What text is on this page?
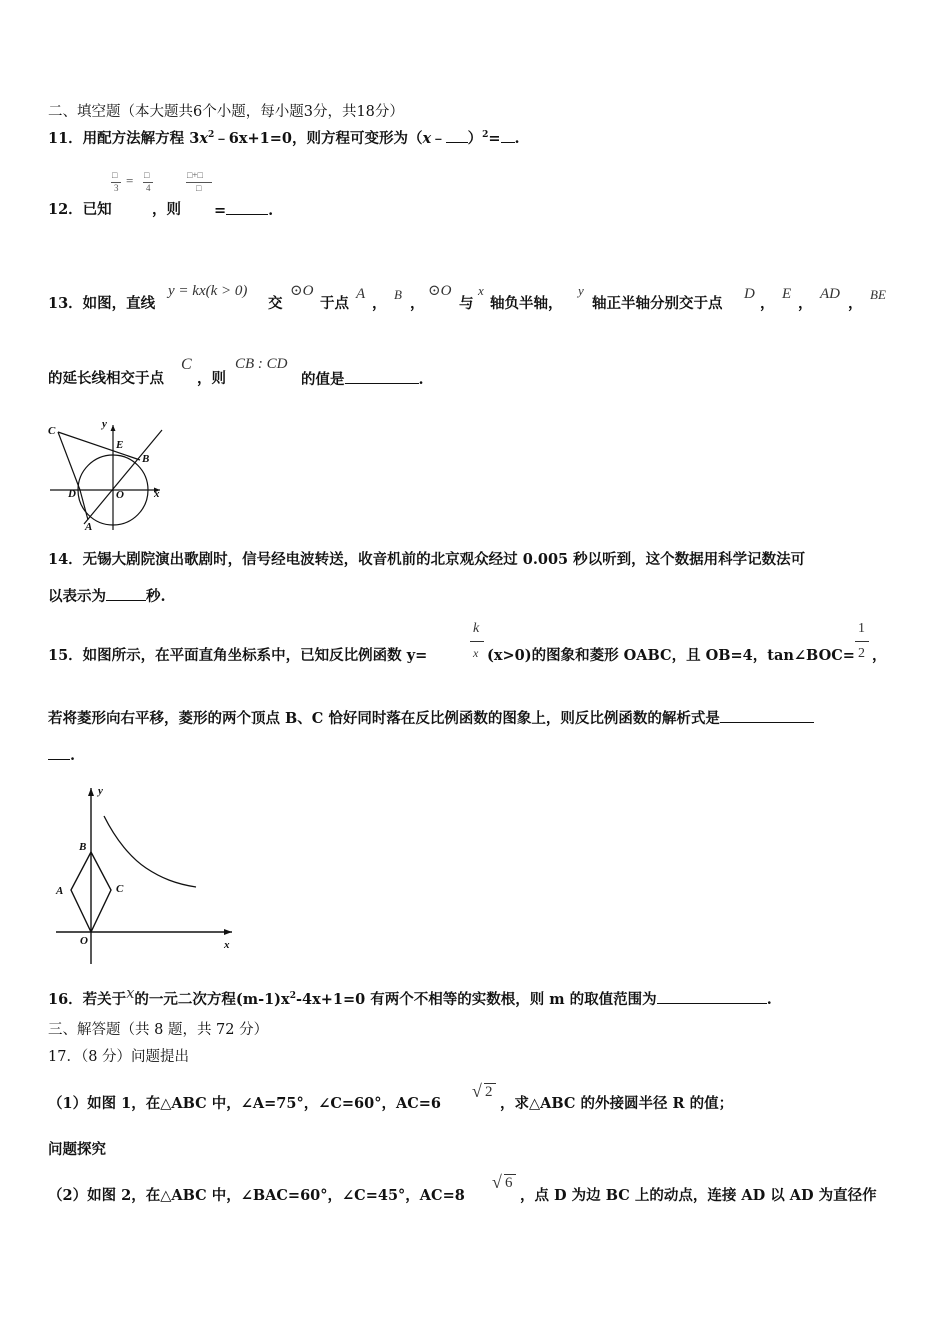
二、填空题（本大题共6个小题，每小题3分，共18分）
11．用配方法解方程 $3x^2﹣6x+1=0$，则方程可变形为（x﹣ ）$^2$= .
□
3 = □
4
□+□
□
12．已知	，则 =	.
13．如图，直线
y = kx(k > 0)
交
⊙O
于点
A
，
B
，
⊙O
与
x
轴负半轴，
y
轴正半轴分别交于点
D
，
E
，
AD
，
BE
的延长线相交于点
C
，则
CB : CD
的值是	.
C
y
E
B
D	O	x
A
14．无锡大剧院演出歌剧时，信号经电波转送，收音机前的北京观众经过 0.005 秒以听到，这个数据用科学记数法可
以表示为	秒.
15．如图所示，在平面直角坐标系中，已知反比例函数 y=
k
x (x>0)的图象和菱形 OABC，且 OB=4，tan∠BOC=
1
2 ，
若将菱形向右平移，菱形的两个顶点 B、C 恰好同时落在反比例函数的图象上，则反比例函数的解析式是
.
y
B
A	C
O	x
16．若关于x的一元二次方程$(m-1)x^2-4x+1=0$ 有两个不相等的实数根，则 m 的取值范围为	.
三、解答题（共 8 题，共 72 分）
17．（8 分）问题提出
（1）如图 1，在△ABC 中，∠A=75°，∠C=60°，AC=6
√ 2
，求△ABC 的外接圆半径 R 的值；
问题探究
（2）如图 2，在△ABC 中，∠BAC=60°，∠C=45°，AC=8
√ 6
，点 D 为边 BC 上的动点，连接 AD 以 AD 为直径作
